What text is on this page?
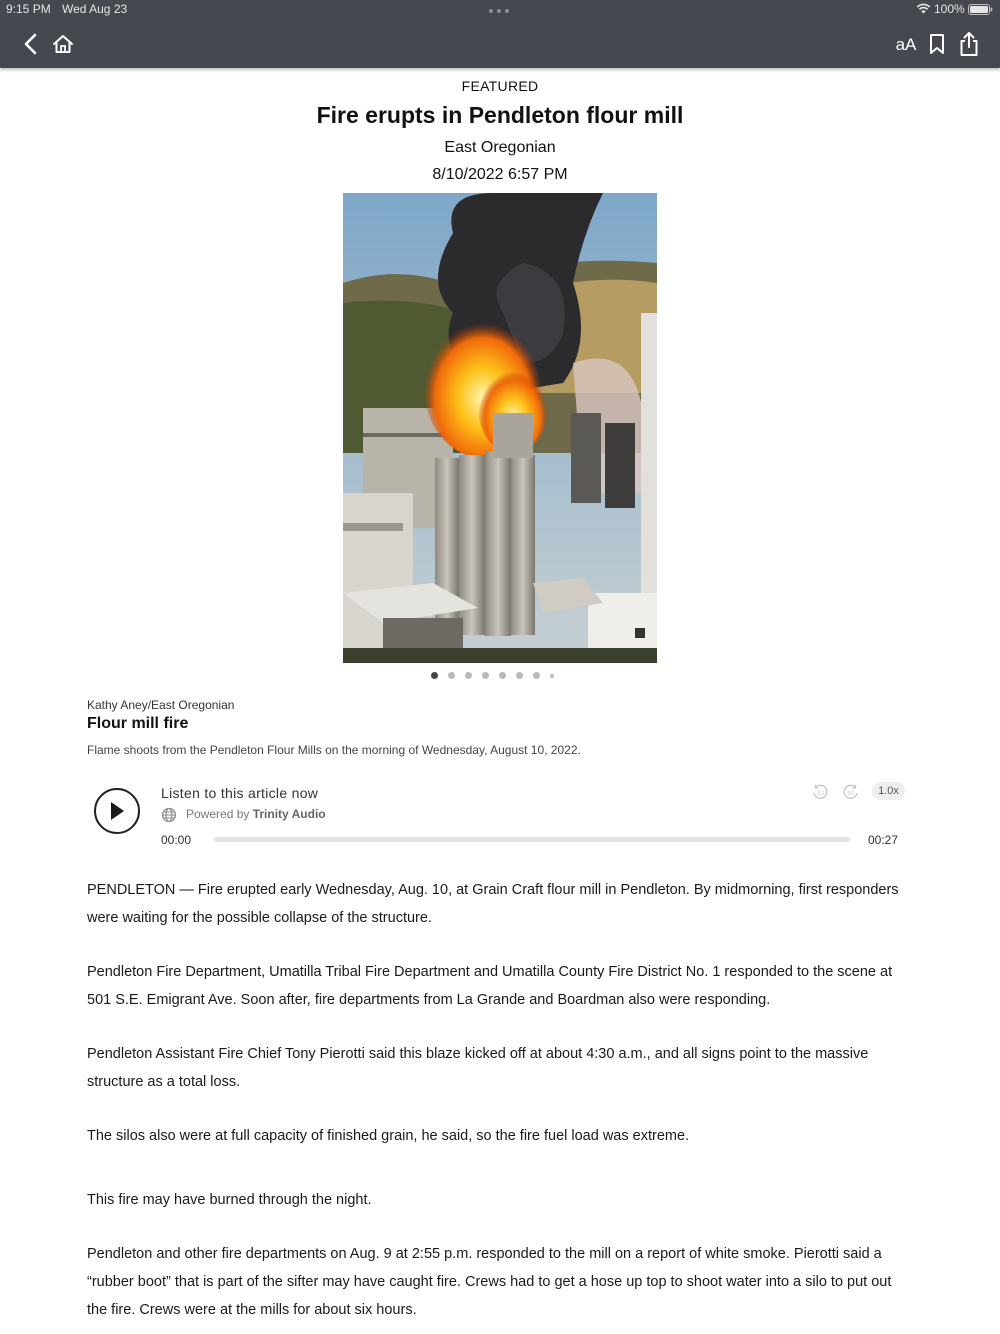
9:15 PM Wed Aug 23	100%
aA
FEATURED
Fire erupts in Pendleton flour mill
East Oregonian
8/10/2022 6:57 PM
Kathy Aney/East Oregonian
Flour mill fire
Flame shoots from the Pendleton Flour Mills on the morning of Wednesday, August 10, 2022.
Listen to this article now
Powered by Trinity Audio
10	10	1.0x
00:00	00:27

PENDLETON — Fire erupted early Wednesday, Aug. 10, at Grain Craft flour mill in Pendleton. By midmorning, first responders were waiting for the possible collapse of the structure.

Pendleton Fire Department, Umatilla Tribal Fire Department and Umatilla County Fire District No. 1 responded to the scene at 501 S.E. Emigrant Ave. Soon after, fire departments from La Grande and Boardman also were responding.

Pendleton Assistant Fire Chief Tony Pierotti said this blaze kicked off at about 4:30 a.m., and all signs point to the massive structure as a total loss.

The silos also were at full capacity of finished grain, he said, so the fire fuel load was extreme.

This fire may have burned through the night.

Pendleton and other fire departments on Aug. 9 at 2:55 p.m. responded to the mill on a report of white smoke. Pierotti said a “rubber boot” that is part of the sifter may have caught fire. Crews had to get a hose up top to shoot water into a silo to put out the fire. Crews were at the mills for about six hours.
